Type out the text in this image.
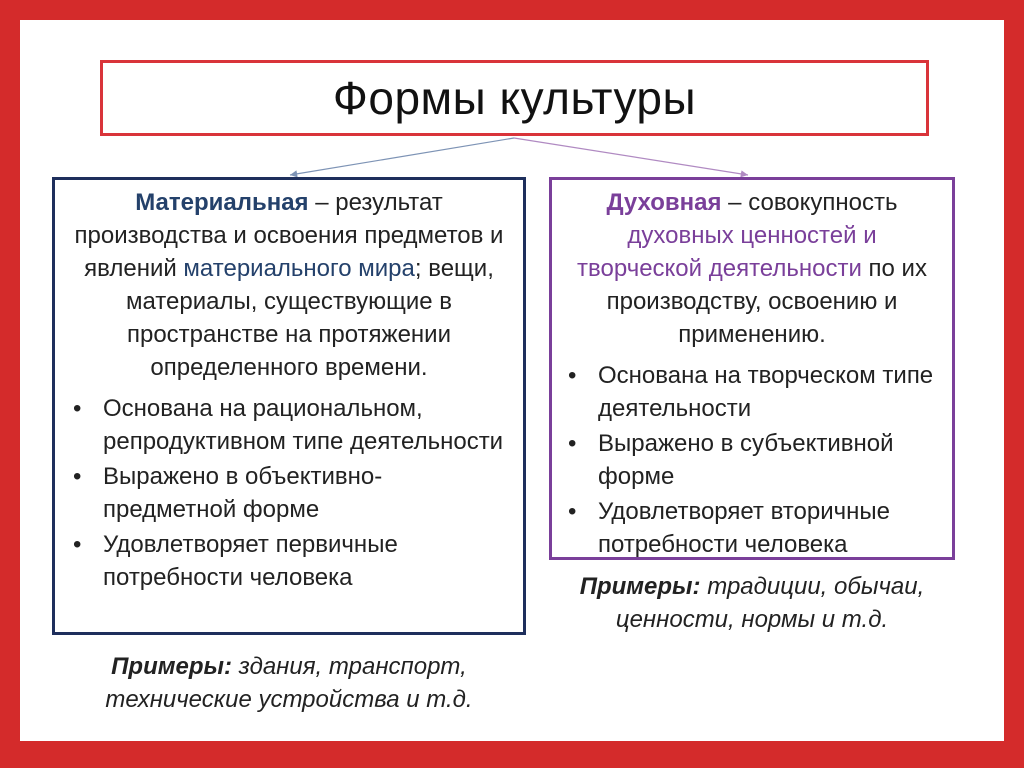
Формы культуры

Материальная – результат производства и освоения предметов и явлений материального мира; вещи, материалы, существующие в пространстве на протяжении определенного времени.

• Основана на рациональном, репродуктивном типе деятельности
• Выражено в объективно-предметной форме
• Удовлетворяет первичные потребности человека
Примеры: здания, транспорт, технические устройства и т.д.

Духовная – совокупность духовных ценностей и творческой деятельности по их производству, освоению и применению.

• Основана на творческом типе деятельности
• Выражено в субъективной форме
• Удовлетворяет вторичные потребности человека
Примеры: традиции, обычаи, ценности, нормы и т.д.
